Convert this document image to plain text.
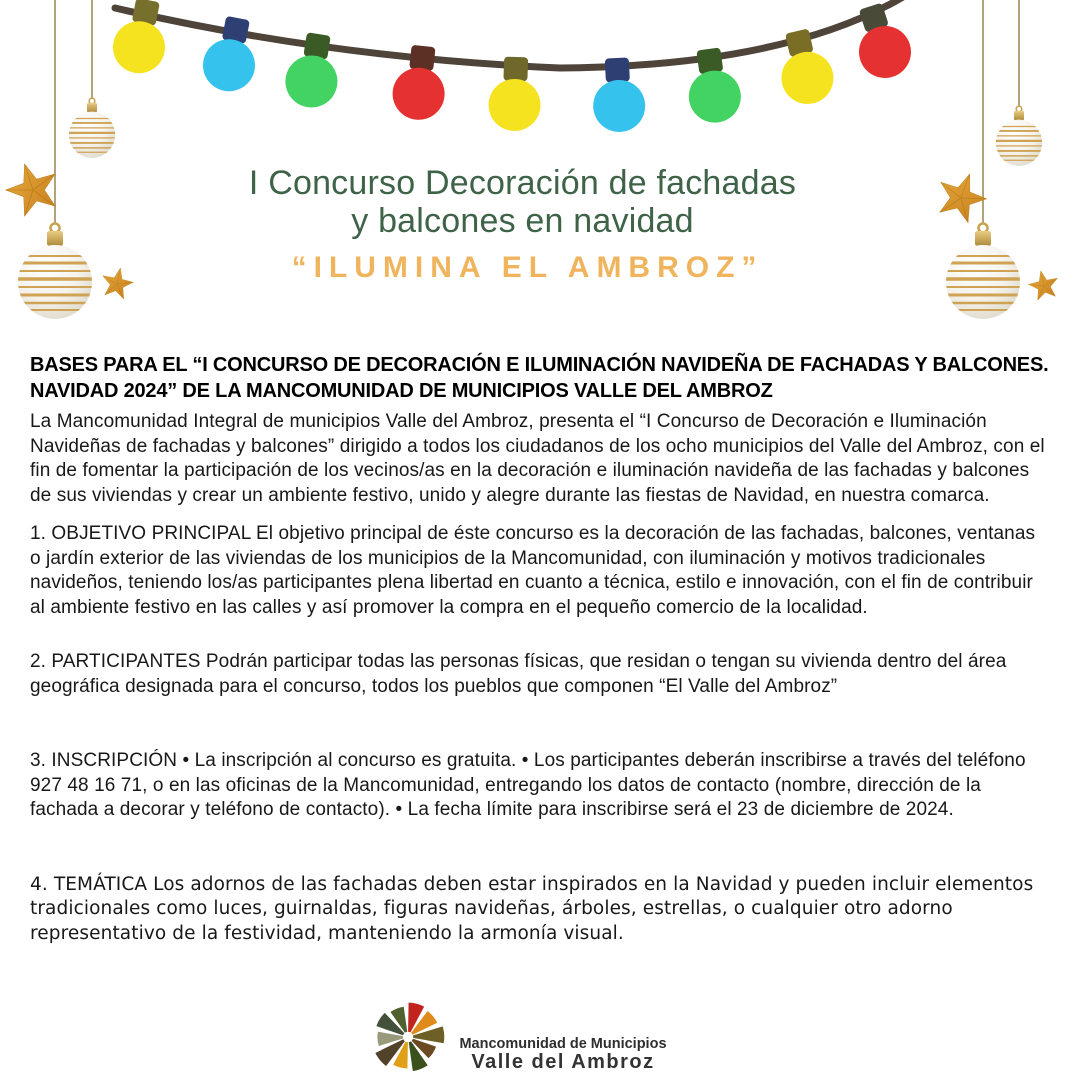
I Concurso Decoración de fachadas
y balcones en navidad
“ILUMINA EL AMBROZ”

BASES PARA EL “I CONCURSO DE DECORACIÓN E ILUMINACIÓN NAVIDEÑA DE FACHADAS Y BALCONES. NAVIDAD 2024” DE LA MANCOMUNIDAD DE MUNICIPIOS VALLE DEL AMBROZ

La Mancomunidad Integral de municipios Valle del Ambroz, presenta el “I Concurso de Decoración e Iluminación Navideñas de fachadas y balcones” dirigido a todos los ciudadanos de los ocho municipios del Valle del Ambroz, con el fin de fomentar la participación de los vecinos/as en la decoración e iluminación navideña de las fachadas y balcones de sus viviendas y crear un ambiente festivo, unido y alegre durante las fiestas de Navidad, en nuestra comarca.

1. OBJETIVO PRINCIPAL El objetivo principal de éste concurso es la decoración de las fachadas, balcones, ventanas o jardín exterior de las viviendas de los municipios de la Mancomunidad, con iluminación y motivos tradicionales navideños, teniendo los/as participantes plena libertad en cuanto a técnica, estilo e innovación, con el fin de contribuir al ambiente festivo en las calles y así promover la compra en el pequeño comercio de la localidad.

2. PARTICIPANTES Podrán participar todas las personas físicas, que residan o tengan su vivienda dentro del área geográfica designada para el concurso, todos los pueblos que componen “El Valle del Ambroz”

3. INSCRIPCIÓN • La inscripción al concurso es gratuita. • Los participantes deberán inscribirse a través del teléfono 927 48 16 71, o en las oficinas de la Mancomunidad, entregando los datos de contacto (nombre, dirección de la fachada a decorar y teléfono de contacto). • La fecha límite para inscribirse será el 23 de diciembre de 2024.

4. TEMÁTICA Los adornos de las fachadas deben estar inspirados en la Navidad y pueden incluir elementos tradicionales como luces, guirnaldas, figuras navideñas, árboles, estrellas, o cualquier otro adorno representativo de la festividad, manteniendo la armonía visual.

Mancomunidad de Municipios
Valle del Ambroz
